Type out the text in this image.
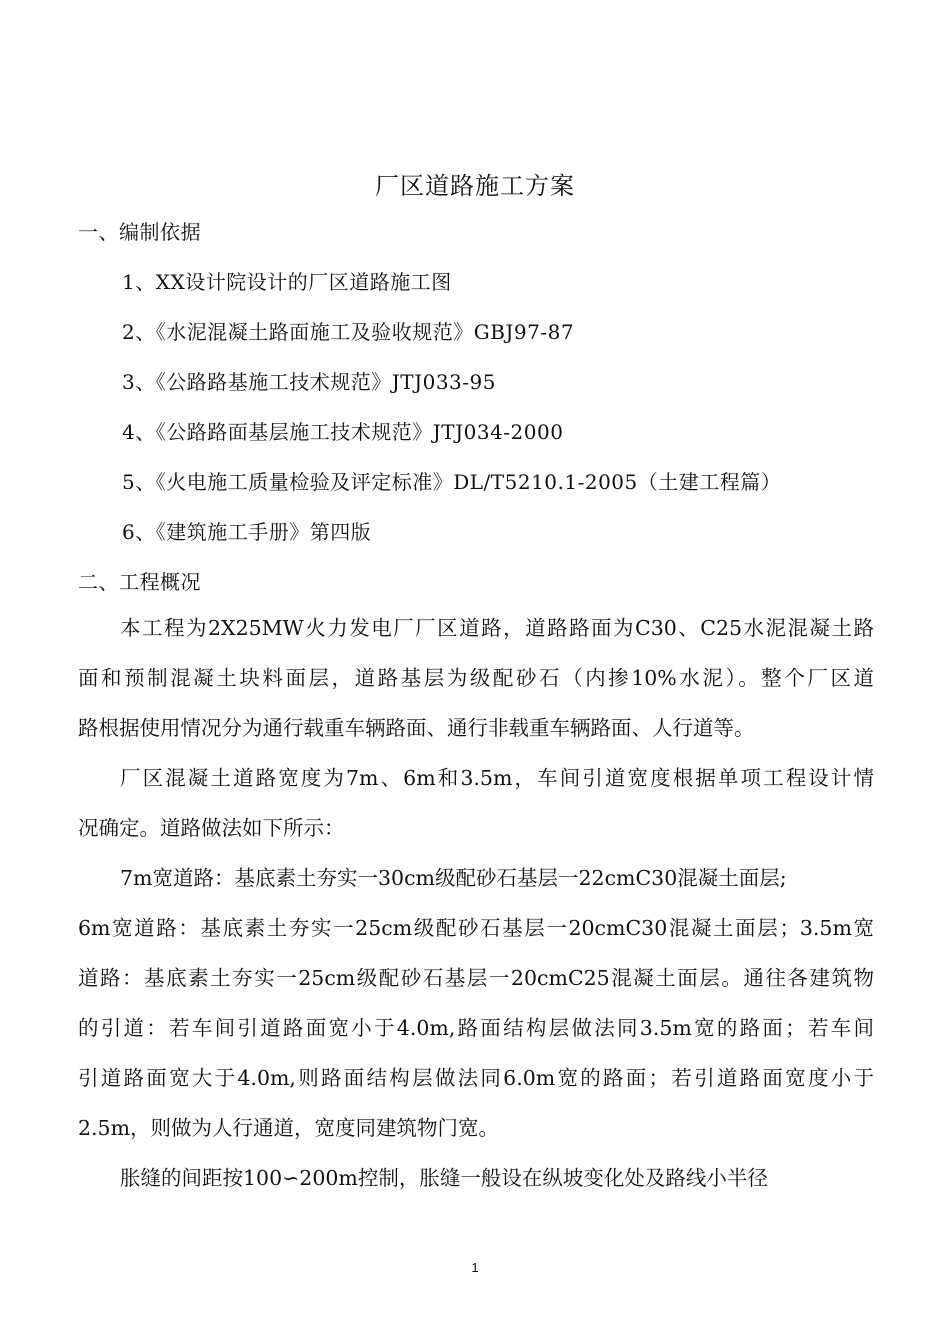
厂区道路施工方案
一、编制依据
1、XX设计院设计的厂区道路施工图
2、《水泥混凝土路面施工及验收规范》GBJ97-87
3、《公路路基施工技术规范》JTJ033-95
4、《公路路面基层施工技术规范》JTJ034-2000
5、《火电施工质量检验及评定标准》DL/T5210.1-2005（土建工程篇）
6、《建筑施工手册》第四版
二、工程概况
本工程为2X25MW火力发电厂厂区道路，道路路面为C30、C25水泥混凝土路
面和预制混凝土块料面层，道路基层为级配砂石（内掺10%水泥）。整个厂区道
路根据使用情况分为通行载重车辆路面、通行非载重车辆路面、人行道等。
厂区混凝土道路宽度为7m、6m和3.5m，车间引道宽度根据单项工程设计情
况确定。道路做法如下所示：
7m宽道路：基底素土夯实一30cm级配砂石基层一22cmC30混凝土面层;
6m宽道路：基底素土夯实一25cm级配砂石基层一20cmC30混凝土面层；3.5m宽
道路：基底素土夯实一25cm级配砂石基层一20cmC25混凝土面层。通往各建筑物
的引道：若车间引道路面宽小于4.0m,路面结构层做法同3.5m宽的路面；若车间
引道路面宽大于4.0m,则路面结构层做法同6.0m宽的路面；若引道路面宽度小于
2.5m，则做为人行通道，宽度同建筑物门宽。
胀缝的间距按100∽200m控制，胀缝一般设在纵坡变化处及路线小半径
1
